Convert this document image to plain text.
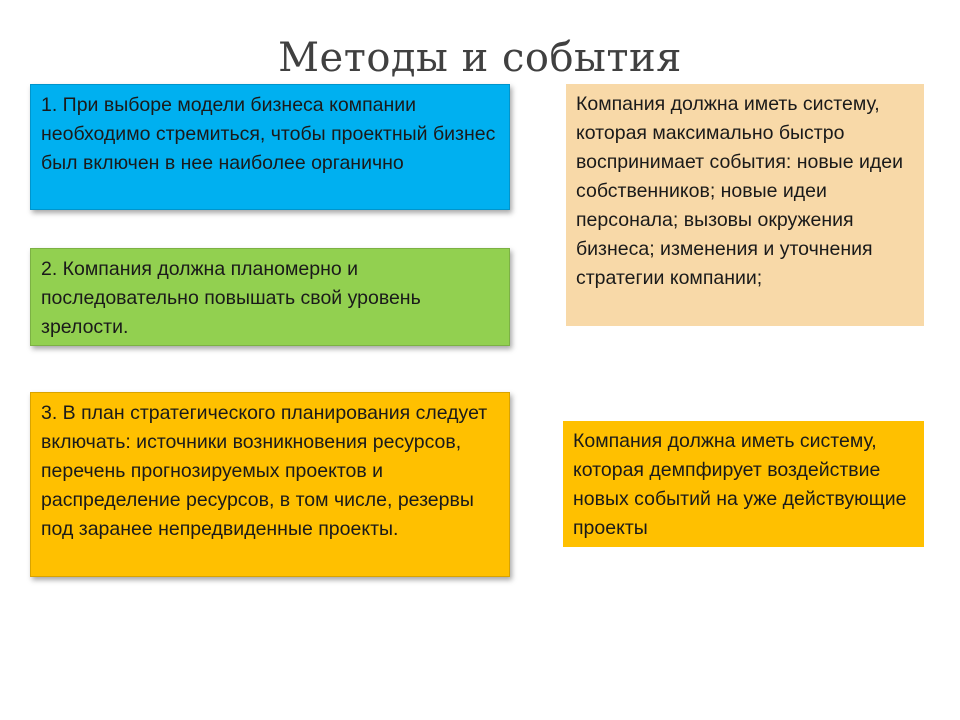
Методы и события
1. При выборе модели бизнеса компании необходимо стремиться, чтобы проектный бизнес был включен в нее наиболее органично
2. Компания должна планомерно и последовательно повышать свой уровень зрелости.
3. В план стратегического планирования следует включать: источники возникновения ресурсов, перечень прогнозируемых проектов и распределение ресурсов, в том числе, резервы под заранее непредвиденные проекты.
Компания должна иметь систему, которая максимально быстро воспринимает события: новые идеи собственников; новые идеи персонала; вызовы окружения бизнеса; изменения и уточнения стратегии компании;
Компания должна иметь систему, которая демпфирует воздействие новых событий на уже действующие проекты
